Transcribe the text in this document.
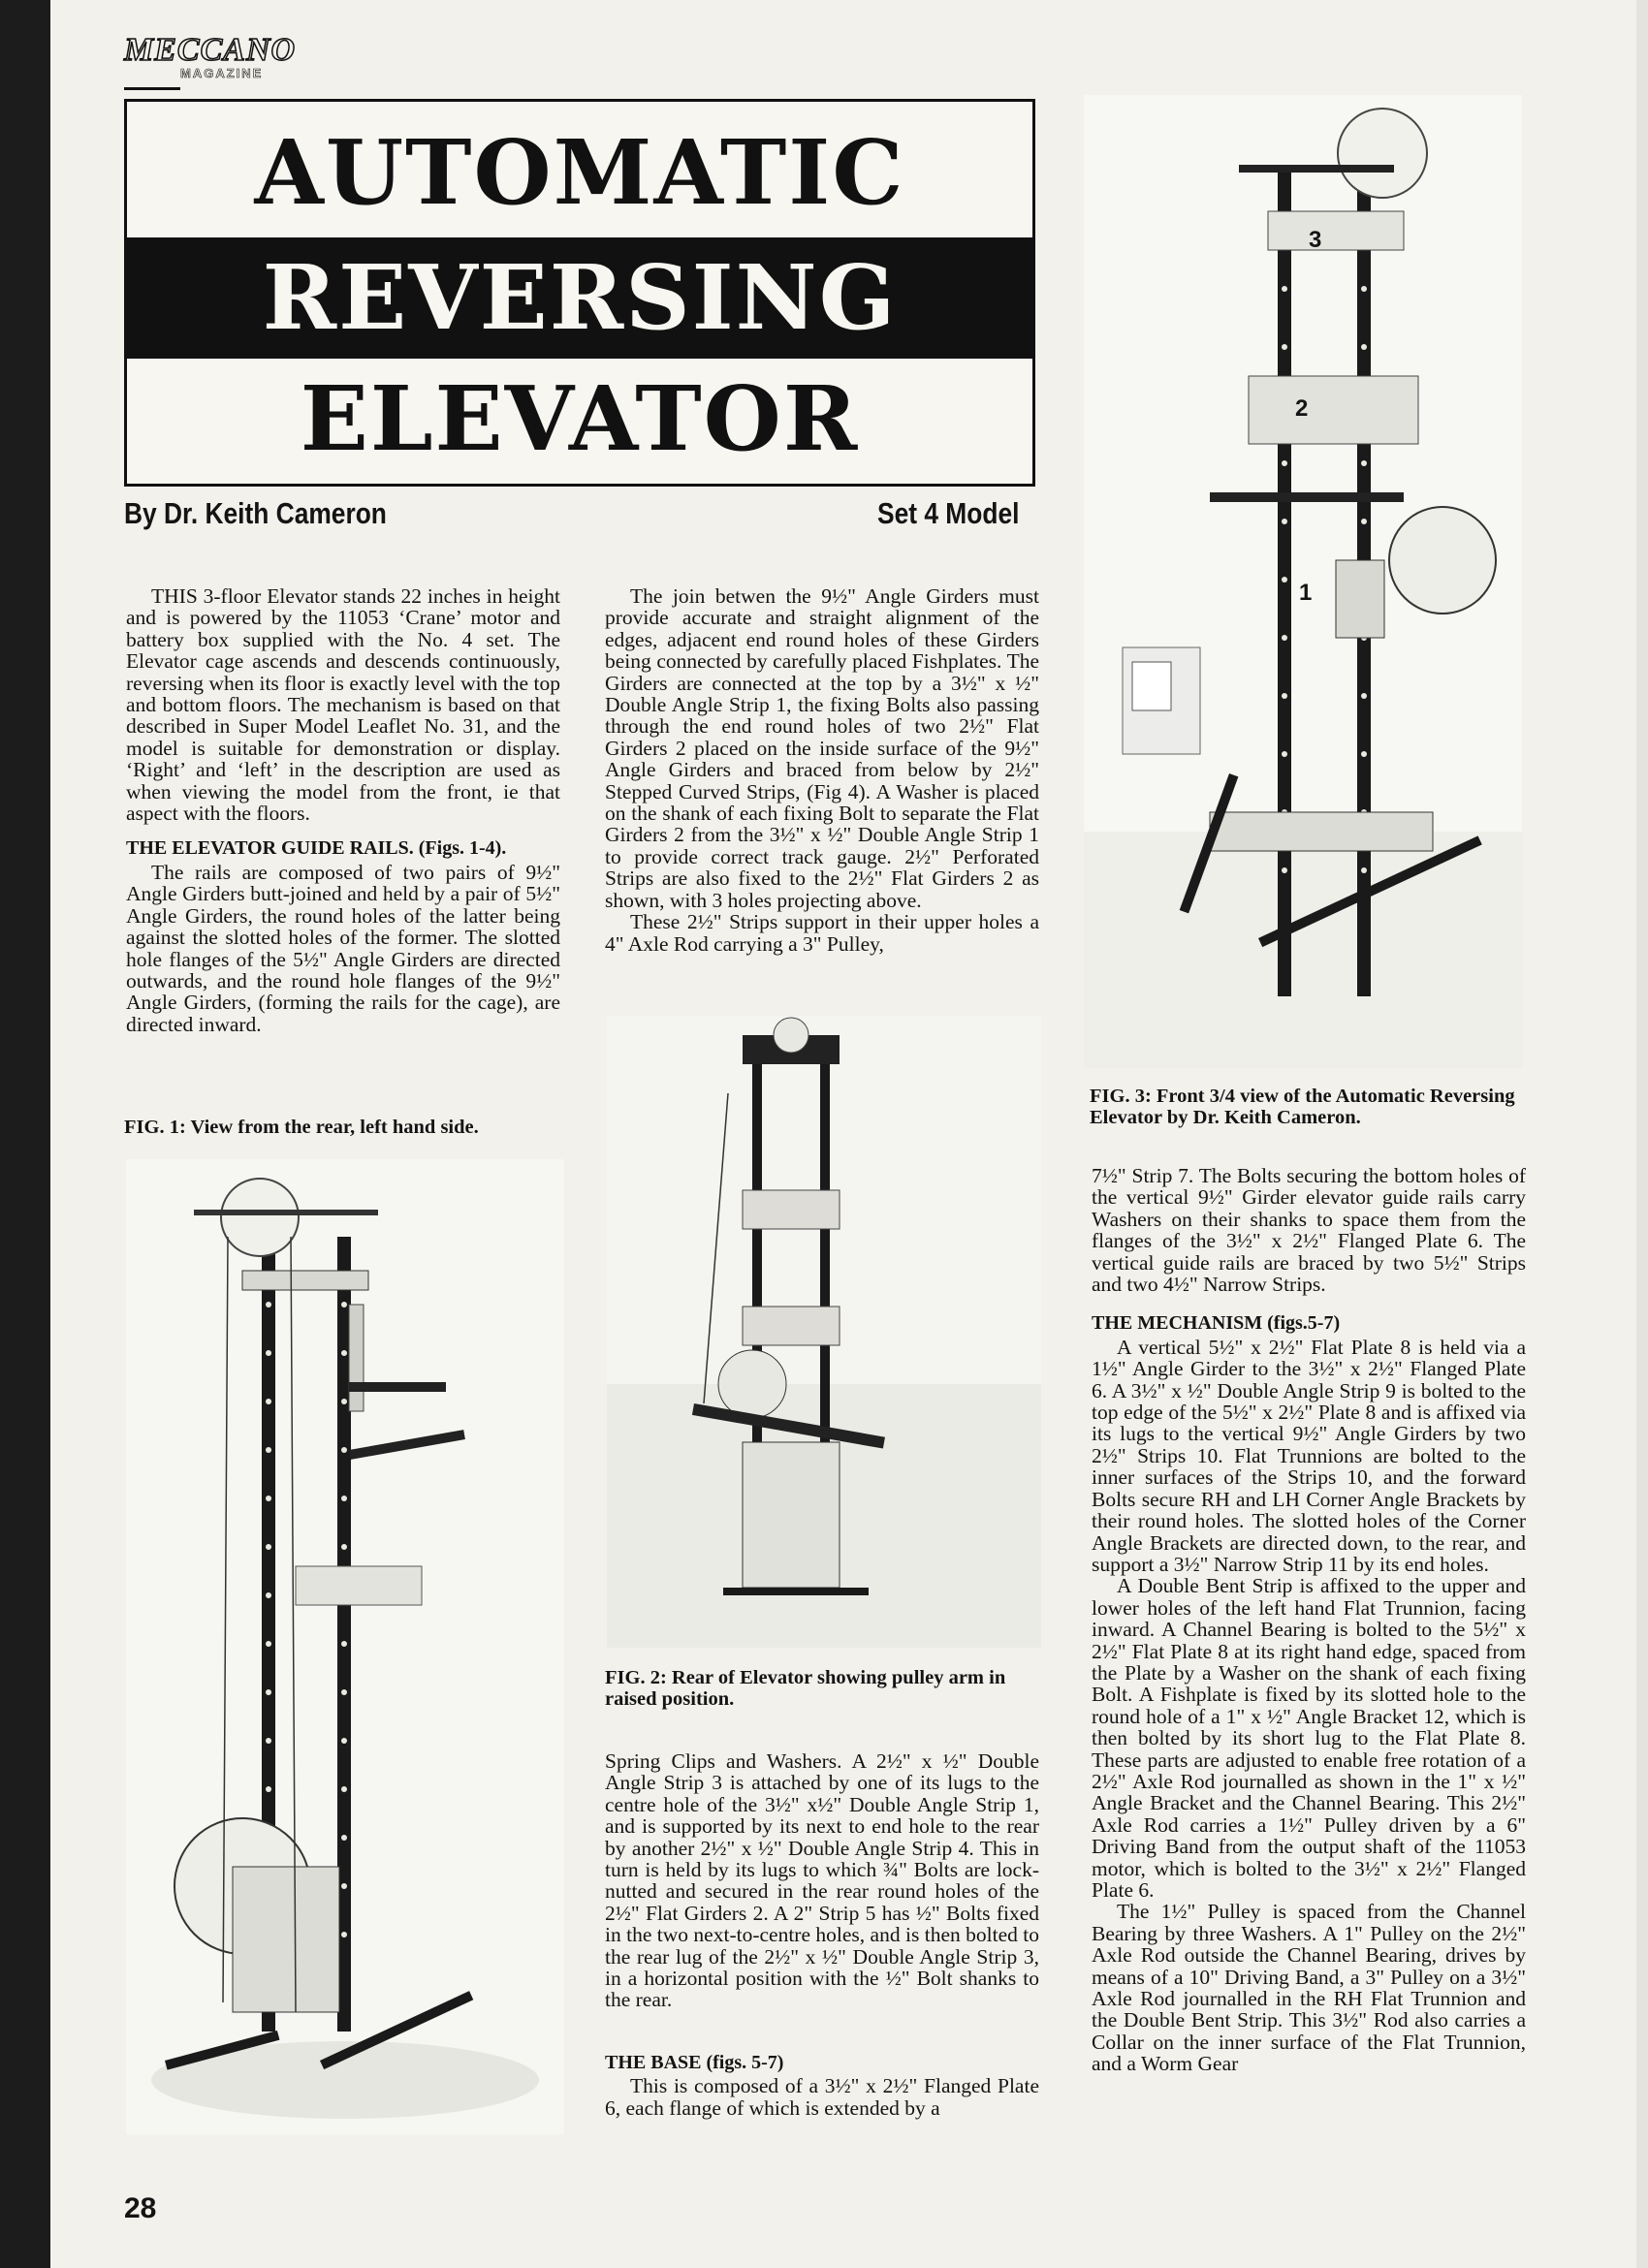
MECCANO
MAGAZINE
AUTOMATIC
REVERSING
ELEVATOR
By Dr. Keith Cameron	Set 4 Model

THIS 3-floor Elevator stands 22 inches in height and is powered by the 11053 ‘Crane’ motor and battery box supplied with the No. 4 set. The Elevator cage ascends and descends continuously, reversing when its floor is exactly level with the top and bottom floors. The mechanism is based on that described in Super Model Leaflet No. 31, and the model is suitable for demonstration or display. ‘Right’ and ‘left’ in the description are used as when viewing the model from the front, ie that aspect with the floors.

THE ELEVATOR GUIDE RAILS. (Figs. 1-4).

The rails are composed of two pairs of 9½" Angle Girders butt-joined and held by a pair of 5½" Angle Girders, the round holes of the latter being against the slotted holes of the former. The slotted hole flanges of the 5½" Angle Girders are directed outwards, and the round hole flanges of the 9½" Angle Girders, (forming the rails for the cage), are directed inward.

FIG. 1: View from the rear, left hand side.

The join betwen the 9½" Angle Girders must provide accurate and straight alignment of the edges, adjacent end round holes of these Girders being connected by carefully placed Fishplates. The Girders are connected at the top by a 3½" x ½" Double Angle Strip 1, the fixing Bolts also passing through the end round holes of two 2½" Flat Girders 2 placed on the inside surface of the 9½" Angle Girders and braced from below by 2½" Stepped Curved Strips, (Fig 4). A Washer is placed on the shank of each fixing Bolt to separate the Flat Girders 2 from the 3½" x ½" Double Angle Strip 1 to provide correct track gauge. 2½" Perforated Strips are also fixed to the 2½" Flat Girders 2 as shown, with 3 holes projecting above.

These 2½" Strips support in their upper holes a 4" Axle Rod carrying a 3" Pulley,

FIG. 2: Rear of Elevator showing pulley arm in raised position.

Spring Clips and Washers. A 2½" x ½" Double Angle Strip 3 is attached by one of its lugs to the centre hole of the 3½" x½" Double Angle Strip 1, and is supported by its next to end hole to the rear by another 2½" x ½" Double Angle Strip 4. This in turn is held by its lugs to which ¾" Bolts are lock-nutted and secured in the rear round holes of the 2½" Flat Girders 2. A 2" Strip 5 has ½" Bolts fixed in the two next-to-centre holes, and is then bolted to the rear lug of the 2½" x ½" Double Angle Strip 3, in a horizontal position with the ½" Bolt shanks to the rear.

THE BASE (figs. 5-7)

This is composed of a 3½" x 2½" Flanged Plate 6, each flange of which is extended by a

3
2
1
FIG. 3: Front 3/4 view of the Automatic Reversing Elevator by Dr. Keith Cameron.

7½" Strip 7. The Bolts securing the bottom holes of the vertical 9½" Girder elevator guide rails carry Washers on their shanks to space them from the flanges of the 3½" x 2½" Flanged Plate 6. The vertical guide rails are braced by two 5½" Strips and two 4½" Narrow Strips.

THE MECHANISM (figs.5-7)

A vertical 5½" x 2½" Flat Plate 8 is held via a 1½" Angle Girder to the 3½" x 2½" Flanged Plate 6. A 3½" x ½" Double Angle Strip 9 is bolted to the top edge of the 5½" x 2½" Plate 8 and is affixed via its lugs to the vertical 9½" Angle Girders by two 2½" Strips 10. Flat Trunnions are bolted to the inner surfaces of the Strips 10, and the forward Bolts secure RH and LH Corner Angle Brackets by their round holes. The slotted holes of the Corner Angle Brackets are directed down, to the rear, and support a 3½" Narrow Strip 11 by its end holes.

A Double Bent Strip is affixed to the upper and lower holes of the left hand Flat Trunnion, facing inward. A Channel Bearing is bolted to the 5½" x 2½" Flat Plate 8 at its right hand edge, spaced from the Plate by a Washer on the shank of each fixing Bolt. A Fishplate is fixed by its slotted hole to the round hole of a 1" x ½" Angle Bracket 12, which is then bolted by its short lug to the Flat Plate 8. These parts are adjusted to enable free rotation of a 2½" Axle Rod journalled as shown in the 1" x ½" Angle Bracket and the Channel Bearing. This 2½" Axle Rod carries a 1½" Pulley driven by a 6" Driving Band from the output shaft of the 11053 motor, which is bolted to the 3½" x 2½" Flanged Plate 6.

The 1½" Pulley is spaced from the Channel Bearing by three Washers. A 1" Pulley on the 2½" Axle Rod outside the Channel Bearing, drives by means of a 10" Driving Band, a 3" Pulley on a 3½" Axle Rod journalled in the RH Flat Trunnion and the Double Bent Strip. This 3½" Rod also carries a Collar on the inner surface of the Flat Trunnion, and a Worm Gear

28
